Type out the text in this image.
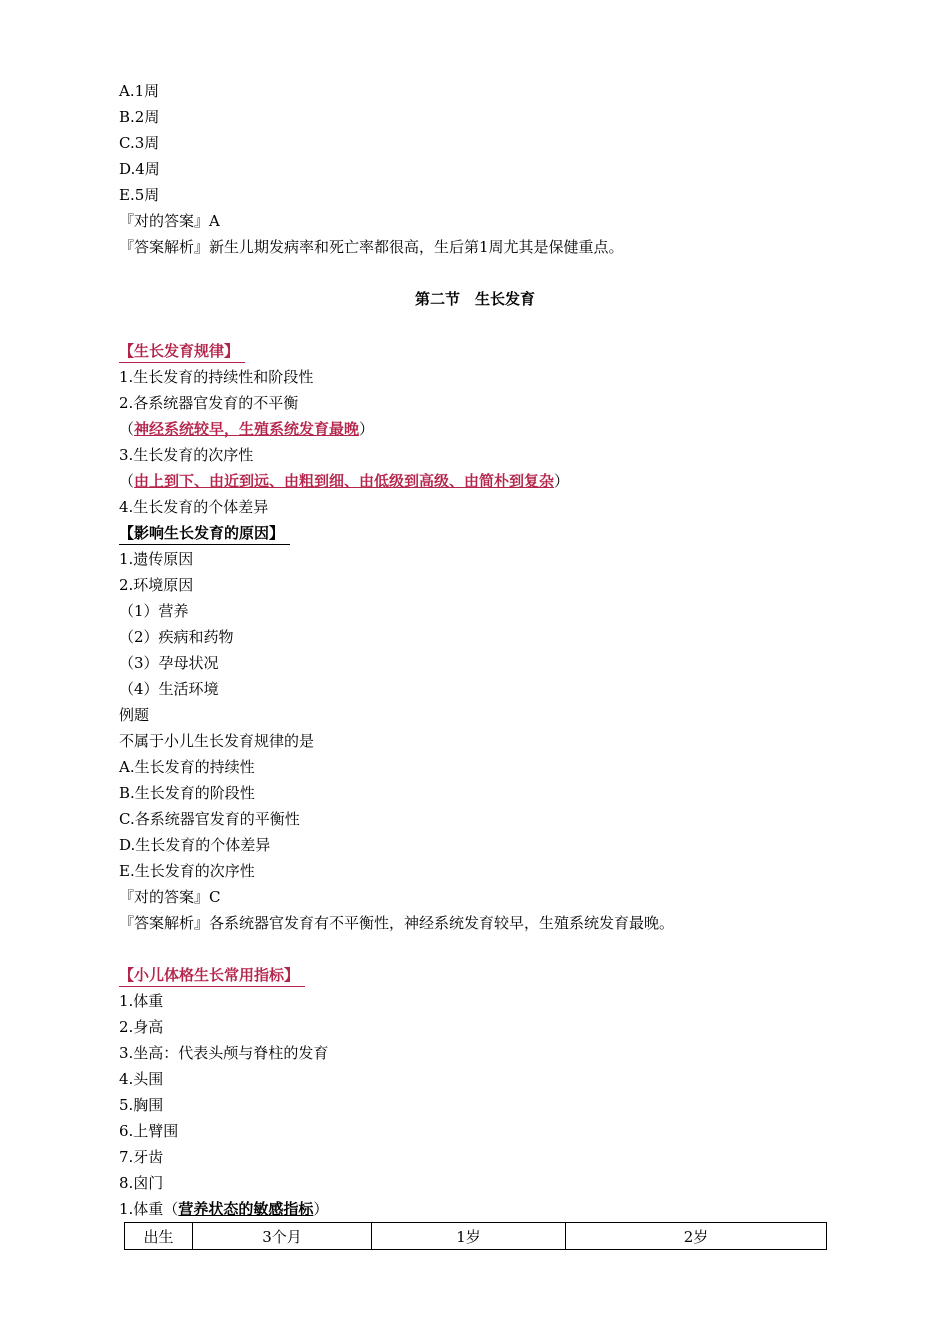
A.1周
B.2周
C.3周
D.4周
E.5周
『对的答案』A
『答案解析』新生儿期发病率和死亡率都很高，生后第1周尤其是保健重点。
第二节　生长发育
【生长发育规律】
1.生长发育的持续性和阶段性
2.各系统器官发育的不平衡
（神经系统较早，生殖系统发育最晚）
3.生长发育的次序性
（由上到下、由近到远、由粗到细、由低级到高级、由简朴到复杂）
4.生长发育的个体差异
【影响生长发育的原因】
1.遗传原因
2.环境原因
（1）营养
（2）疾病和药物
（3）孕母状况
（4）生活环境
例题
不属于小儿生长发育规律的是
A.生长发育的持续性
B.生长发育的阶段性
C.各系统器官发育的平衡性
D.生长发育的个体差异
E.生长发育的次序性
『对的答案』C
『答案解析』各系统器官发育有不平衡性，神经系统发育较早，生殖系统发育最晚。
【小儿体格生长常用指标】
1.体重
2.身高
3.坐高：代表头颅与脊柱的发育
4.头围
5.胸围
6.上臂围
7.牙齿
8.囟门
1.体重（营养状态的敏感指标）
出生	3个月	1岁	2岁
